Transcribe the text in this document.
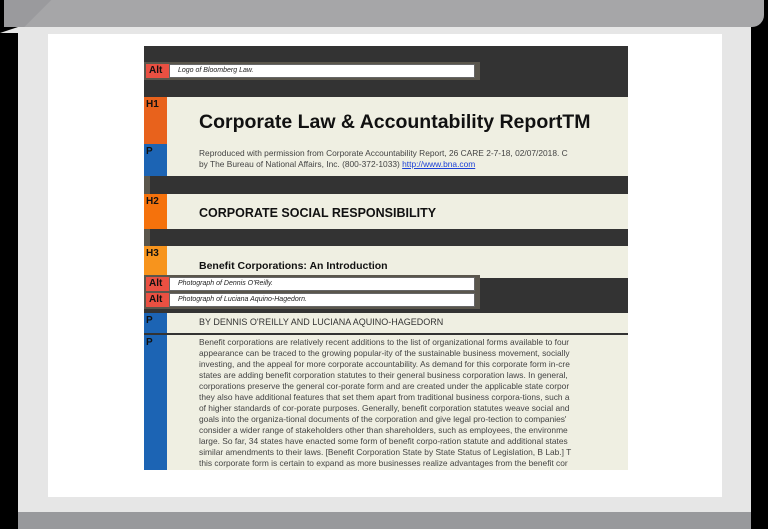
Alt	Logo of Bloomberg Law.
H1
Corporate Law & Accountability ReportTM
P	Reproduced with permission from Corporate Accountability Report, 26 CARE 2-7-18, 02/07/2018. C
by The Bureau of National Affairs, Inc. (800-372-1033) http://www.bna.com
H2
CORPORATE SOCIAL RESPONSIBILITY
H3
Benefit Corporations: An Introduction
Alt	Photograph of Dennis O'Reilly.
Alt	Photograph of Luciana Aquino-Hagedorn.
P	BY DENNIS O'REILLY AND LUCIANA AQUINO-HAGEDORN
P	Benefit corporations are relatively recent additions to the list of organizational forms available to four
appearance can be traced to the growing popular-ity of the sustainable business movement, socially
investing, and the appeal for more corporate accountability. As demand for this corporate form in-cre
states are adding benefit corporation statutes to their general business corporation laws. In general,
corporations preserve the general cor-porate form and are created under the applicable state corpor
they also have additional features that set them apart from traditional business corpora-tions, such a
of higher standards of cor-porate purposes. Generally, benefit corporation statutes weave social and
goals into the organiza-tional documents of the corporation and give legal pro-tection to companies'
consider a wider range of stakeholders other than shareholders, such as employees, the environme
large. So far, 34 states have enacted some form of benefit corpo-ration statute and additional states
similar amendments to their laws. [Benefit Corporation State by State Status of Legislation, B Lab.] T
this corporate form is certain to expand as more businesses realize advantages from the benefit cor
